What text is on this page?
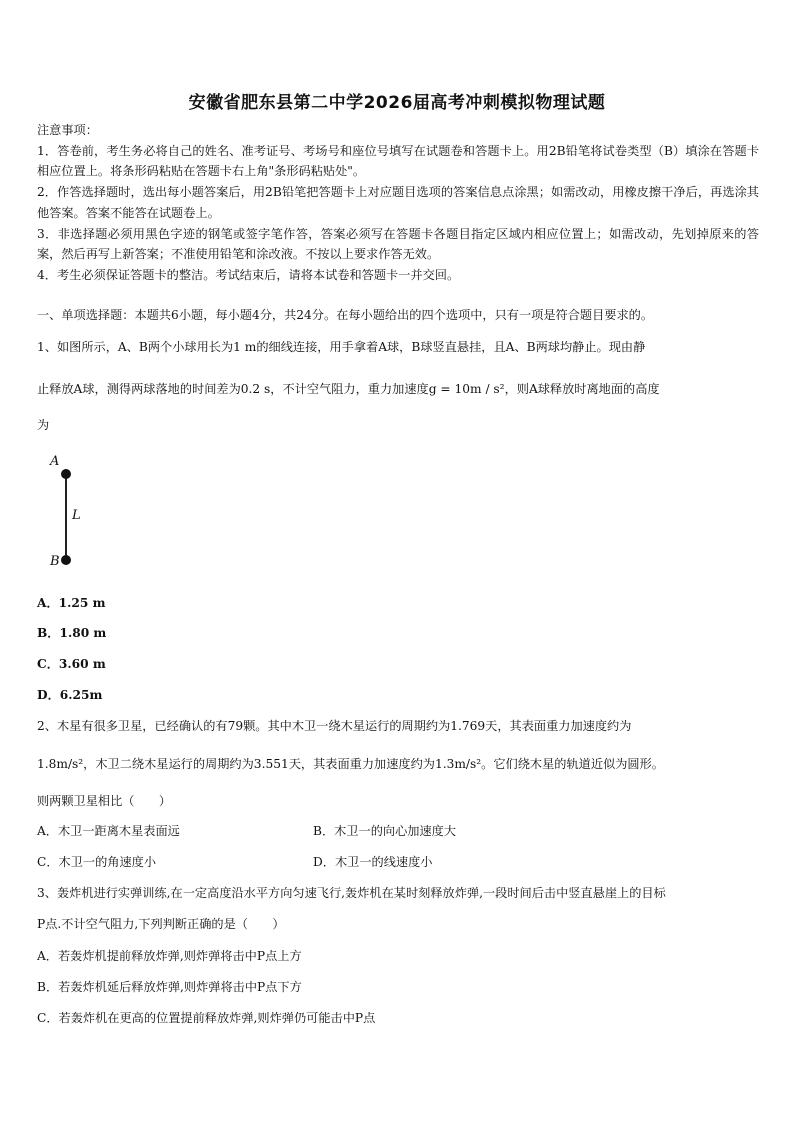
安徽省肥东县第二中学2026届高考冲刺模拟物理试题
注意事项：

1．答卷前，考生务必将自己的姓名、准考证号、考场号和座位号填写在试题卷和答题卡上。用2B铅笔将试卷类型（B）填涂在答题卡相应位置上。将条形码粘贴在答题卡右上角"条形码粘贴处"。

2．作答选择题时，选出每小题答案后，用2B铅笔把答题卡上对应题目选项的答案信息点涂黑；如需改动，用橡皮擦干净后，再选涂其他答案。答案不能答在试题卷上。

3．非选择题必须用黑色字迹的钢笔或签字笔作答，答案必须写在答题卡各题目指定区域内相应位置上；如需改动，先划掉原来的答案，然后再写上新答案；不准使用铅笔和涂改液。不按以上要求作答无效。

4．考生必须保证答题卡的整洁。考试结束后，请将本试卷和答题卡一并交回。

一、单项选择题：本题共6小题，每小题4分，共24分。在每小题给出的四个选项中，只有一项是符合题目要求的。
1、如图所示，A、B两个小球用长为1 m的细线连接，用手拿着A球，B球竖直悬挂，且A、B两球均静止。现由静
止释放A球，测得两球落地的时间差为0.2 s，不计空气阻力，重力加速度g = 10m / s²，则A球释放时离地面的高度
为
A
L
B
A．1.25 m
B．1.80 m
C．3.60 m
D．6.25m
2、木星有很多卫星，已经确认的有79颗。其中木卫一绕木星运行的周期约为1.769天，其表面重力加速度约为
1.8m/s²，木卫二绕木星运行的周期约为3.551天，其表面重力加速度约为1.3m/s²。它们绕木星的轨道近似为圆形。
则两颗卫星相比（　　）
A．木卫一距离木星表面远	B．木卫一的向心加速度大
C．木卫一的角速度小	D．木卫一的线速度小
3、轰炸机进行实弹训练,在一定高度沿水平方向匀速飞行,轰炸机在某时刻释放炸弹,一段时间后击中竖直悬崖上的目标
P点.不计空气阻力,下列判断正确的是（　　）
A．若轰炸机提前释放炸弹,则炸弹将击中P点上方
B．若轰炸机延后释放炸弹,则炸弹将击中P点下方
C．若轰炸机在更高的位置提前释放炸弹,则炸弹仍可能击中P点
